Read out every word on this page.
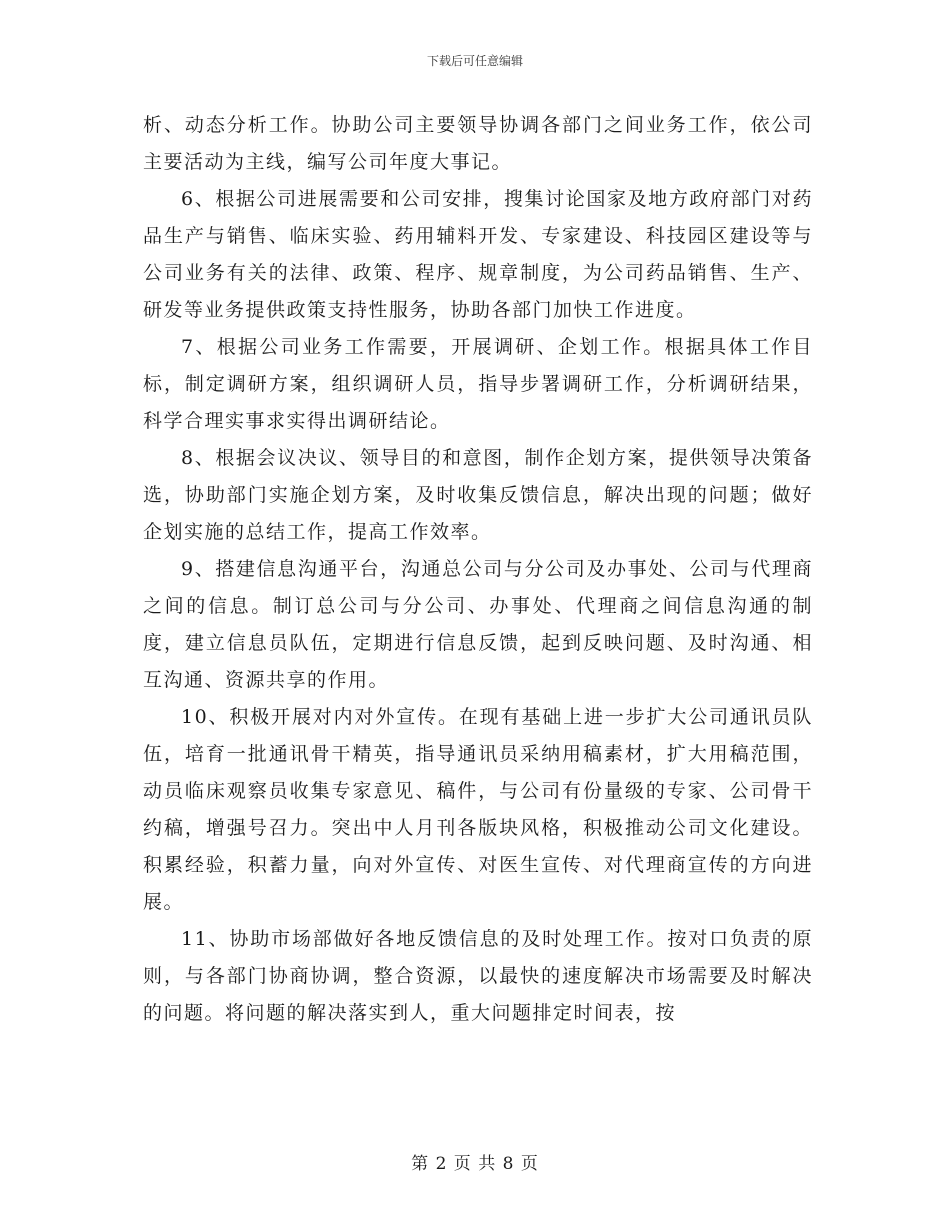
下载后可任意编辑

析、动态分析工作。协助公司主要领导协调各部门之间业务工作，依公司主要活动为主线，编写公司年度大事记。

6、根据公司进展需要和公司安排，搜集讨论国家及地方政府部门对药品生产与销售、临床实验、药用辅料开发、专家建设、科技园区建设等与公司业务有关的法律、政策、程序、规章制度，为公司药品销售、生产、研发等业务提供政策支持性服务，协助各部门加快工作进度。

7、根据公司业务工作需要，开展调研、企划工作。根据具体工作目标，制定调研方案，组织调研人员，指导步署调研工作，分析调研结果，科学合理实事求实得出调研结论。

8、根据会议决议、领导目的和意图，制作企划方案，提供领导决策备选，协助部门实施企划方案，及时收集反馈信息，解决出现的问题；做好企划实施的总结工作，提高工作效率。

9、搭建信息沟通平台，沟通总公司与分公司及办事处、公司与代理商之间的信息。制订总公司与分公司、办事处、代理商之间信息沟通的制度，建立信息员队伍，定期进行信息反馈，起到反映问题、及时沟通、相互沟通、资源共享的作用。

10、积极开展对内对外宣传。在现有基础上进一步扩大公司通讯员队伍，培育一批通讯骨干精英，指导通讯员采纳用稿素材，扩大用稿范围，动员临床观察员收集专家意见、稿件，与公司有份量级的专家、公司骨干约稿，增强号召力。突出中人月刊各版块风格，积极推动公司文化建设。积累经验，积蓄力量，向对外宣传、对医生宣传、对代理商宣传的方向进展。

11、协助市场部做好各地反馈信息的及时处理工作。按对口负责的原则，与各部门协商协调，整合资源，以最快的速度解决市场需要及时解决的问题。将问题的解决落实到人，重大问题排定时间表，按

第 2 页 共 8 页
